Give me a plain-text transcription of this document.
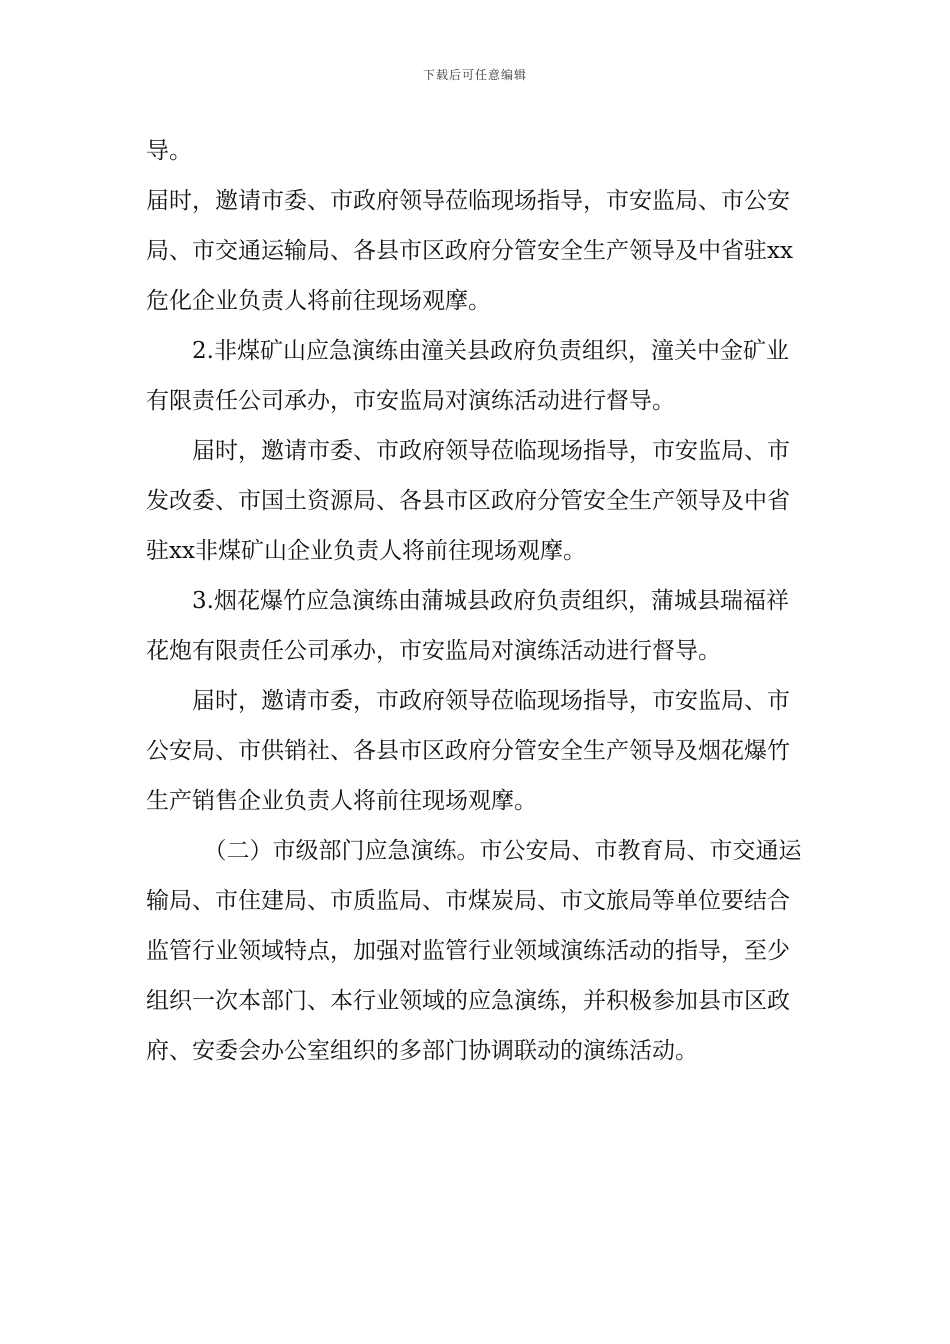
下载后可任意编辑

导。

届时，邀请市委、市政府领导莅临现场指导，市安监局、市公安局、市交通运输局、各县市区政府分管安全生产领导及中省驻xx危化企业负责人将前往现场观摩。

2.非煤矿山应急演练由潼关县政府负责组织，潼关中金矿业有限责任公司承办，市安监局对演练活动进行督导。

届时，邀请市委、市政府领导莅临现场指导，市安监局、市发改委、市国土资源局、各县市区政府分管安全生产领导及中省驻xx非煤矿山企业负责人将前往现场观摩。

3.烟花爆竹应急演练由蒲城县政府负责组织，蒲城县瑞福祥花炮有限责任公司承办，市安监局对演练活动进行督导。

届时，邀请市委，市政府领导莅临现场指导，市安监局、市公安局、市供销社、各县市区政府分管安全生产领导及烟花爆竹生产销售企业负责人将前往现场观摩。

（二）市级部门应急演练。市公安局、市教育局、市交通运输局、市住建局、市质监局、市煤炭局、市文旅局等单位要结合监管行业领域特点，加强对监管行业领域演练活动的指导，至少组织一次本部门、本行业领域的应急演练，并积极参加县市区政府、安委会办公室组织的多部门协调联动的演练活动。
